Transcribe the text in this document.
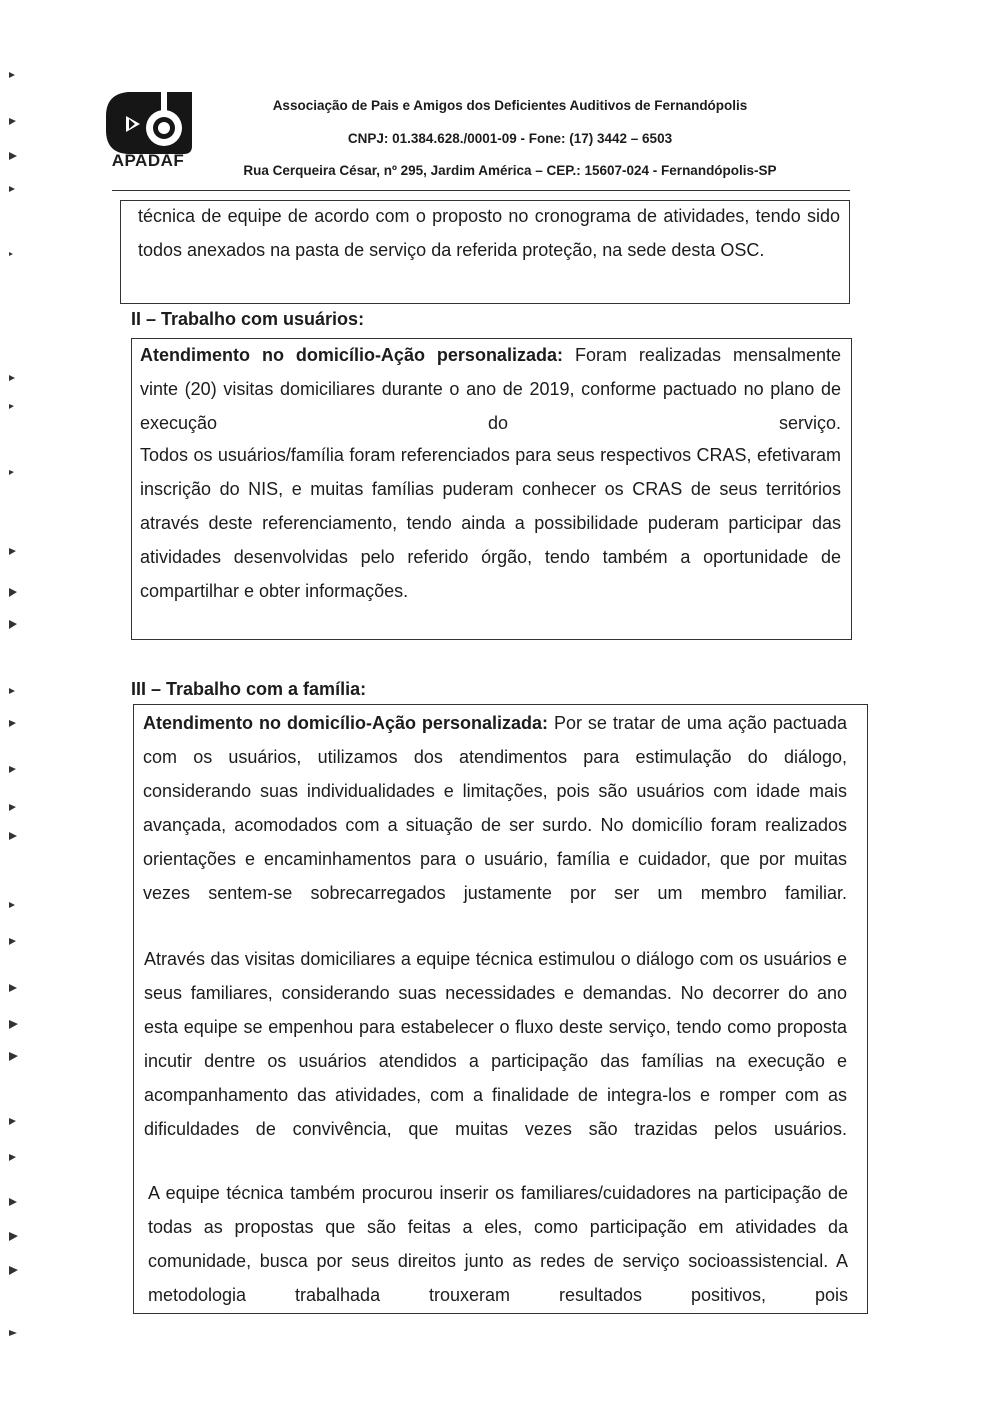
APADAF
Associação de Pais e Amigos dos Deficientes Auditivos de Fernandópolis
CNPJ: 01.384.628./0001-09 - Fone: (17) 3442 – 6503
Rua Cerqueira César, nº 295, Jardim América – CEP.: 15607-024 - Fernandópolis-SP

técnica de equipe de acordo com o proposto no cronograma de atividades, tendo sido todos anexados na pasta de serviço da referida proteção, na sede desta OSC.

II – Trabalho com usuários:

Atendimento no domicílio-Ação personalizada: Foram realizadas mensalmente vinte (20) visitas domiciliares durante o ano de 2019, conforme pactuado no plano de execução do serviço.

Todos os usuários/família foram referenciados para seus respectivos CRAS, efetivaram inscrição do NIS, e muitas famílias puderam conhecer os CRAS de seus territórios através deste referenciamento, tendo ainda a possibilidade puderam participar das atividades desenvolvidas pelo referido órgão, tendo também a oportunidade de compartilhar e obter informações.

III – Trabalho com a família:

Atendimento no domicílio-Ação personalizada: Por se tratar de uma ação pactuada com os usuários, utilizamos dos atendimentos para estimulação do diálogo, considerando suas individualidades e limitações, pois são usuários com idade mais avançada, acomodados com a situação de ser surdo. No domicílio foram realizados orientações e encaminhamentos para o usuário, família e cuidador, que por muitas vezes sentem-se sobrecarregados justamente por ser um membro familiar.

Através das visitas domiciliares a equipe técnica estimulou o diálogo com os usuários e seus familiares, considerando suas necessidades e demandas. No decorrer do ano esta equipe se empenhou para estabelecer o fluxo deste serviço, tendo como proposta incutir dentre os usuários atendidos a participação das famílias na execução e acompanhamento das atividades, com a finalidade de integra-los e romper com as dificuldades de convivência, que muitas vezes são trazidas pelos usuários.

A equipe técnica também procurou inserir os familiares/cuidadores na participação de todas as propostas que são feitas a eles, como participação em atividades da comunidade, busca por seus direitos junto as redes de serviço socioassistencial. A metodologia trabalhada trouxeram resultados positivos, pois
